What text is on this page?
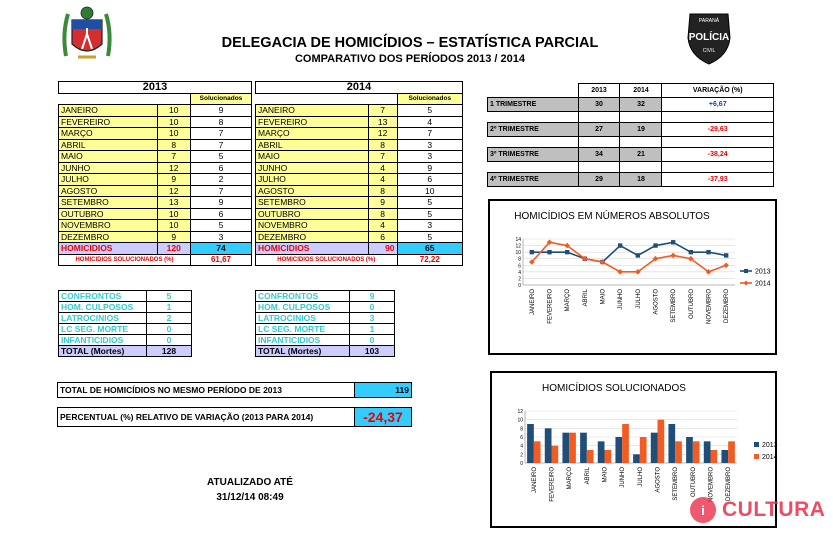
PARANÁ
POLÍCIA
CIVIL
DELEGACIA DE HOMICÍDIOS – ESTATÍSTICA PARCIAL
COMPARATIVO DOS PERÍODOS 2013 / 2014
2013		
		Solucionados
JANEIRO	10	9
FEVEREIRO	10	8
MARÇO	10	7
ABRIL	8	7
MAIO	7	5
JUNHO	12	6
JULHO	9	2
AGOSTO	12	7
SETEMBRO	13	9
OUTUBRO	10	6
NOVEMBRO	10	5
DEZEMBRO	9	3
HOMICIDIOS	120	74
HOMICIDIOS SOLUCIONADOS (%)		61,67
2014		
		Solucionados
JANEIRO	7	5
FEVEREIRO	13	4
MARÇO	12	7
ABRIL	8	3
MAIO	7	3
JUNHO	4	9
JULHO	4	6
AGOSTO	8	10
SETEMBRO	9	5
OUTUBRO	8	5
NOVEMBRO	4	3
DEZEMBRO	6	5
HOMICIDIOS	90	65
HOMICIDIOS SOLUCIONADOS (%)		72,22
	2013	2014	VARIAÇÃO (%)
1 TRIMESTRE	30	32	+6,67

2º TRIMESTRE	27	19	-29,63

3º TRIMESTRE	34	21	-38,24

4º TRIMESTRE	29	18	-37,93
CONFRONTOS	5
HOM. CULPOSOS	1
LATROCINIOS	2
LC SEG. MORTE	0
INFANTICIDIOS	0
TOTAL (Mortes)	128
CONFRONTOS	9
HOM. CULPOSOS	0
LATROCINIOS	3
LC SEG. MORTE	1
INFANTICIDIOS	0
TOTAL (Mortes)	103
TOTAL DE HOMICÍDIOS NO MESMO PERÍODO DE 2013	119
PERCENTUAL (%) RELATIVO DE VARIAÇÃO (2013 PARA 2014)	-24,37
ATUALIZADO ATÉ
31/12/14 08:49
HOMICÍDIOS EM NÚMEROS ABSOLUTOS
0
2
4
6
8
10
12
14
JANEIRO FEVEREIRO MARÇO ABRIL MAIO JUNHO JULHO AGOSTO SETEMBRO OUTUBRO NOVEMBRO DEZEMBRO
2013
2014
HOMICÍDIOS SOLUCIONADOS
0
2
4
6
8
10
12
JANEIRO FEVEREIRO MARÇO ABRIL MAIO JUNHO JULHO AGOSTO SETEMBRO OUTUBRO NOVEMBRO DEZEMBRO
2013
2014
i CULTURA
